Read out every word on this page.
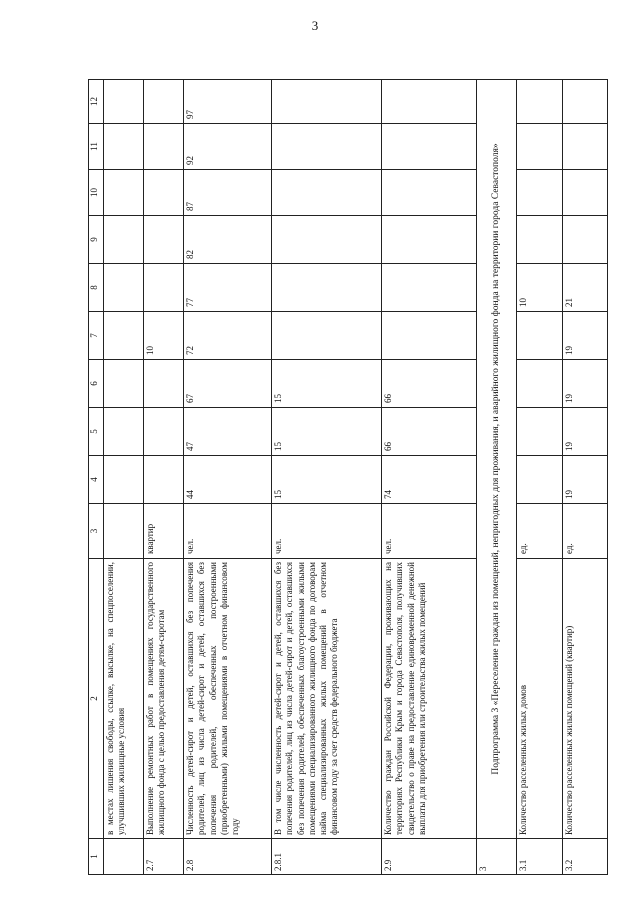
3
1	2	3	4	5	6	7	8	9	10	11	12
	в местах лишения свободы, ссылке, высылке, на спецпоселении, улучшивших жилищные условия										
2.7	Выполнение ремонтных работ в помещениях государственного жилищного фонда с целью предоставления детям-сиротам	квартир				10					
2.8	Численность детей-сирот и детей, оставшихся без попечения родителей, лиц из числа детей-сирот и детей, оставшихся без попечения родителей, обеспеченных построенными (приобретенными) жилыми помещениями в отчетном финансовом году	чел.	44	47	67	72	77	82	87	92	97
2.8.1	В том числе численность детей-сирот и детей, оставшихся без попечения родителей, лиц из числа детей-сирот и детей, оставшихся без попечения родителей, обеспеченных благоустроенными жилыми помещениями специализированного жилищного фонда по договорам найма специализированных жилых помещений в отчетном финансовом году за счет средств федерального бюджета	чел.	15	15	15						
2.9	Количество граждан Российской Федерации, проживающих на территориях Республики Крым и города Севастополя, получивших свидетельство о праве на предоставление единовременной денежной выплаты для приобретения или строительства жилых помещений	чел.	74	66	66						
3	Подпрограмма 3 «Переселение граждан из помещений, непригодных для проживания, и аварийного жилищного фонда на территории города Севастополя»										
3.1	Количество расселенных жилых домов	ед.					10				
3.2	Количество расселенных жилых помещений (квартир)	ед.	19	19	19	19	21				
